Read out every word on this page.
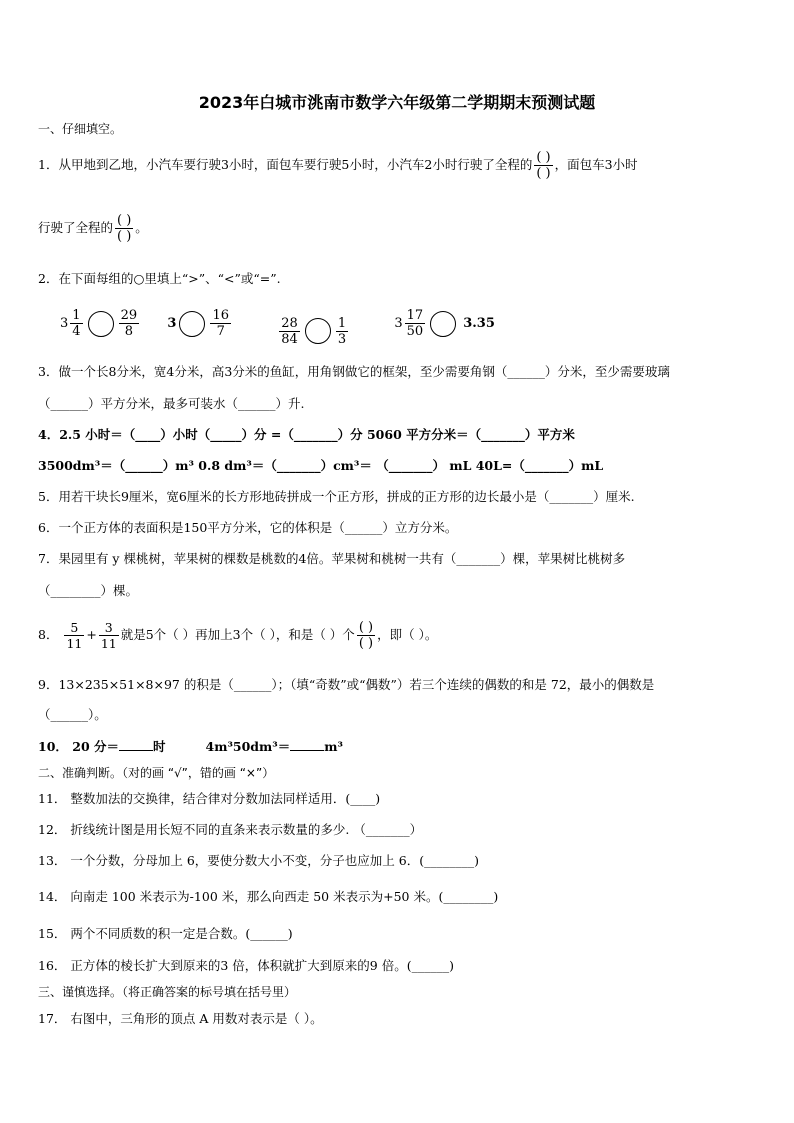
2023年白城市洮南市数学六年级第二学期期末预测试题
一、仔细填空。
1．从甲地到乙地，小汽车要行驶3小时，面包车要行驶5小时，小汽车2小时行驶了全程的 $\frac{( )}{( )}$ ，面包车3小时
行驶了全程的 $\frac{( )}{( )}$ 。
2．在下面每组的○里填上“>”、“<”或“=”.
$3 \frac{1}{4}$	$\frac{29}{8}$
3	$\frac{16}{7}$
	$\frac{28}{84}$	$\frac{1}{3}$
	$3 \frac{17}{50}$	3.35
3．做一个长8分米，宽4分米，高3分米的鱼缸，用角钢做它的框架，至少需要角钢（______）分米，至少需要玻璃
（______）平方分米，最多可装水（______）升.
4．2.5 小时＝（____）小时（_____）分 =（_______）分 5060 平方分米＝（_______）平方米
3500dm³＝（______）m³ 0.8 dm³＝（_______）cm³＝ （_______） mL 40L=（_______）mL
5．用若干块长9厘米，宽6厘米的长方形地砖拼成一个正方形，拼成的正方形的边长最小是（_______）厘米.
6．一个正方体的表面积是150平方分米，它的体积是（______）立方分米。
7．果园里有 y 棵桃树，苹果树的棵数是桃数的4倍。苹果树和桃树一共有（_______）棵，苹果树比桃树多
（________）棵。
8． $\frac{5}{11} + \frac{3}{11}$ 就是5个（ ）再加上3个（ ），和是（ ）个 $\frac{( )}{( )}$ ，即（ ）。
9．13×235×51×8×97 的积是（______）；（填“奇数”或“偶数”）若三个连续的偶数的和是 72，最小的偶数是
（______）。
10． 20 分＝	时	4m³50dm³＝	m³
二、准确判断。（对的画 “√”，错的画 “×”）
11． 整数加法的交换律，结合律对分数加法同样适用．(____)
12． 折线统计图是用长短不同的直条来表示数量的多少. （_______）
13． 一个分数，分母加上 6，要使分数大小不变，分子也应加上 6．(________)
14． 向南走 100 米表示为-100 米，那么向西走 50 米表示为+50 米。(________)
15． 两个不同质数的积一定是合数。(______)
16． 正方体的棱长扩大到原来的3 倍，体积就扩大到原来的9 倍。(______)
三、谨慎选择。（将正确答案的标号填在括号里）
17． 右图中，三角形的顶点 A 用数对表示是（ ）。
